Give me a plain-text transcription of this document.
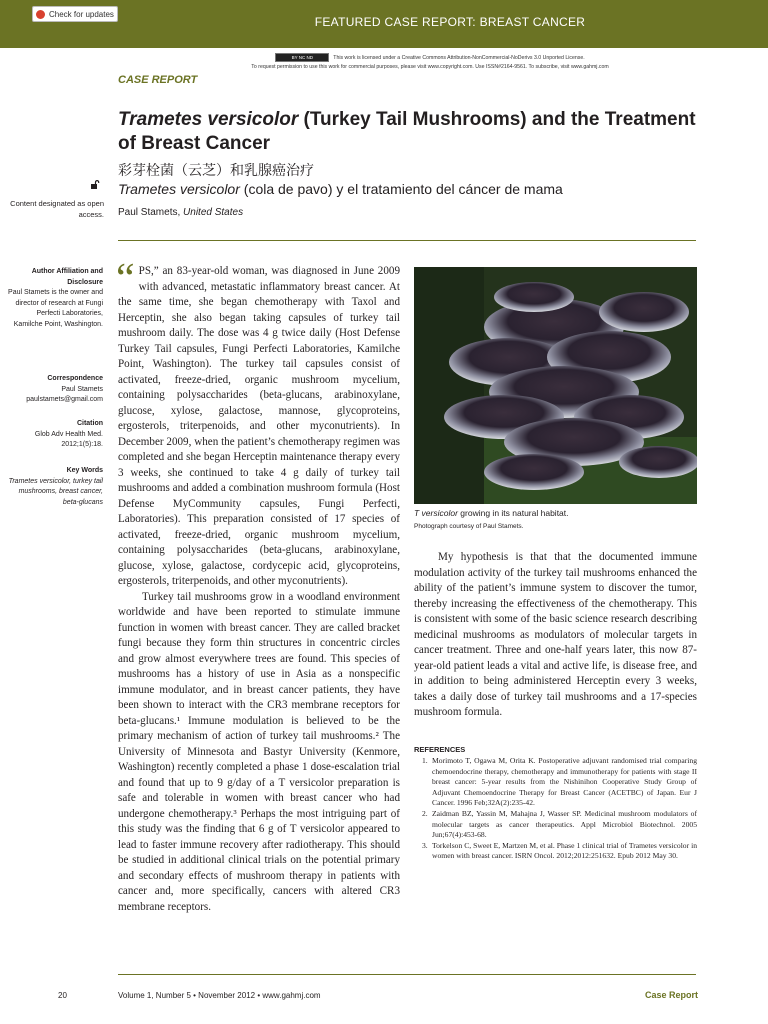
Check for updates
FEATURED CASE REPORT: BREAST CANCER
BY NC ND	This work is licensed under a Creative Commons Attribution-NonCommercial-NoDerivs 3.0 Unported License.
To request permission to use this work for commercial purposes, please visit www.copyright.com. Use ISSN#2164-9561. To subscribe, visit www.gahmj.com
CASE REPORT
Trametes versicolor (Turkey Tail Mushrooms) and the Treatment of Breast Cancer
彩芽栓菌（云芝）和乳腺癌治疗
Trametes versicolor (cola de pavo) y el tratamiento del cáncer de mama
Paul Stamets, United States
Content designated as open access.
Author Affiliation and Disclosure
Paul Stamets is the owner and director of research at Fungi Perfecti Laboratories, Kamilche Point, Washington.
Correspondence
Paul Stamets
paulstamets@gmail.com
Citation
Glob Adv Health Med. 2012;1(5):18.
Key Words
Trametes versicolor, turkey tail mushrooms, breast cancer, beta-glucans
“ PS,” an 83-year-old woman, was diagnosed in June 2009 with advanced, metastatic inflammatory breast cancer. At the same time, she began chemotherapy with Taxol and Herceptin, she also began taking capsules of turkey tail mushroom daily. The dose was 4 g twice daily (Host Defense Turkey Tail capsules, Fungi Perfecti Laboratories, Kamilche Point, Washington). The turkey tail capsules consist of activated, freeze-dried, organic mushroom mycelium, containing polysaccharides (beta-glucans, arabinoxylane, glucose, xylose, galactose, mannose, glycoproteins, ergosterols, triterpenoids, and other myconutrients). In December 2009, when the patient’s chemotherapy regimen was completed and she began Herceptin maintenance therapy every 3 weeks, she continued to take 4 g daily of turkey tail mushrooms and added a combination mushroom formula (Host Defense MyCommunity capsules, Fungi Perfecti, Laboratories). This preparation consisted of 17 species of activated, freeze-dried, organic mushroom mycelium, containing polysaccharides (beta-glucans, arabinoxylane, glucose, xylose, galactose, cordycepic acid, glycoproteins, ergosterols, triterpenoids, and other myconutrients).

Turkey tail mushrooms grow in a woodland environment worldwide and have been reported to stimulate immune function in women with breast cancer. They are called bracket fungi because they form thin structures in concentric circles and grow almost everywhere trees are found. This species of mushrooms has a history of use in Asia as a nonspecific immune modulator, and in breast cancer patients, they have been shown to interact with the CR3 membrane receptors for beta-glucans.¹ Immune modulation is believed to be the primary mechanism of action of turkey tail mushrooms.² The University of Minnesota and Bastyr University (Kenmore, Washington) recently completed a phase 1 dose-escalation trial and found that up to 9 g/day of a T versicolor preparation is safe and tolerable in women with breast cancer who had undergone chemotherapy.³ Perhaps the most intriguing part of this study was the finding that 6 g of T versicolor appeared to lead to faster immune recovery after radiotherapy. This should be studied in additional clinical trials on the potential primary and secondary effects of mushroom therapy in patients with cancer and, more specifically, cancers with altered CR3 membrane receptors.

T versicolor growing in its natural habitat.
Photograph courtesy of Paul Stamets.
My hypothesis is that that the documented immune modulation activity of the turkey tail mushrooms enhanced the ability of the patient’s immune system to discover the tumor, thereby increasing the effectiveness of the chemotherapy. This is consistent with some of the basic science research describing medicinal mushrooms as modulators of molecular targets in cancer treatment. Three and one-half years later, this now 87-year-old patient leads a vital and active life, is disease free, and in addition to being administered Herceptin every 3 weeks, takes a daily dose of turkey tail mushrooms and a 17-species mushroom formula.
REFERENCES
1. Morimoto T, Ogawa M, Orita K. Postoperative adjuvant randomised trial comparing chemoendocrine therapy, chemotherapy and immunotherapy for patients with stage II breast cancer: 5-year results from the Nishinihon Cooperative Study Group of Adjuvant Chemoendocrine Therapy for Breast Cancer (ACETBC) of Japan. Eur J Cancer. 1996 Feb;32A(2):235-42.
2. Zaidman BZ, Yassin M, Mahajna J, Wasser SP. Medicinal mushroom modulators of molecular targets as cancer therapeutics. Appl Microbiol Biotechnol. 2005 Jun;67(4):453-68.
3. Torkelson C, Sweet E, Martzen M, et al. Phase 1 clinical trial of Trametes versicolor in women with breast cancer. ISRN Oncol. 2012;2012:251632. Epub 2012 May 30.
20	Volume 1, Number 5 • November 2012 • www.gahmj.com	Case Report
